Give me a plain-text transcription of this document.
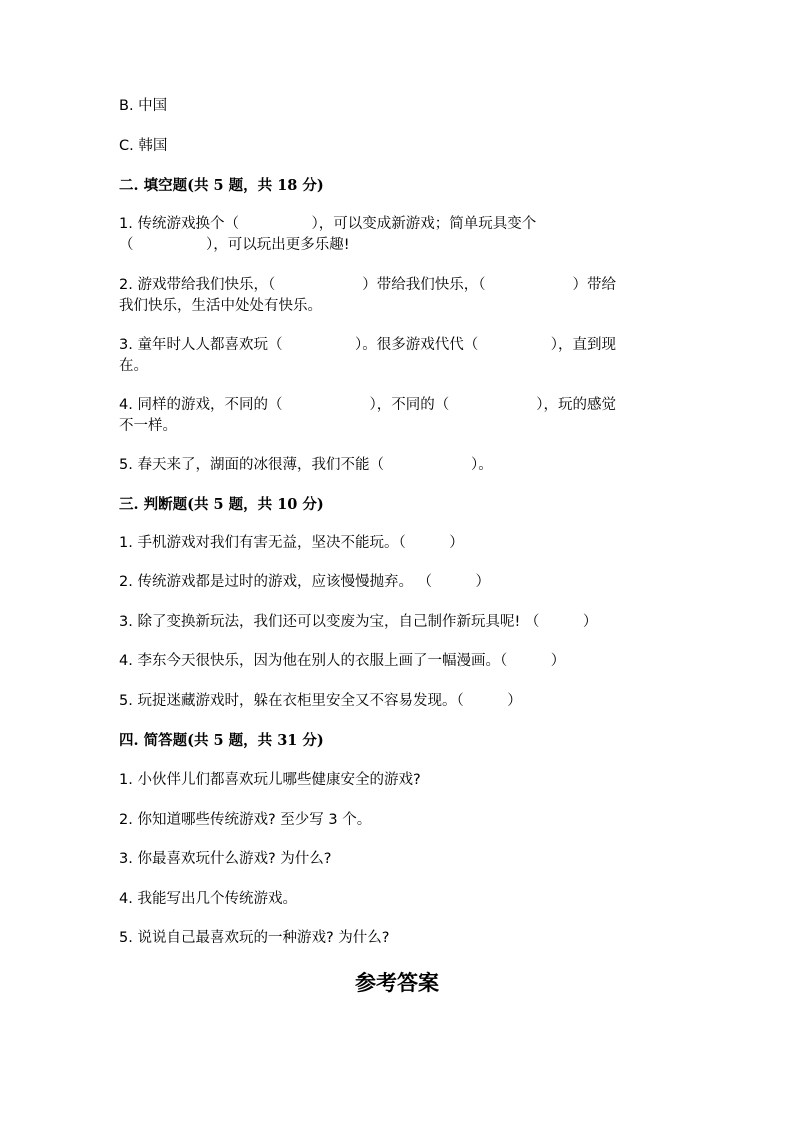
B. 中国

C. 韩国

二. 填空题(共 5 题，共 18 分)

1. 传统游戏换个（　　　　　），可以变成新游戏；简单玩具变个

（　　　　　），可以玩出更多乐趣!

2. 游戏带给我们快乐，（　　　　　　）带给我们快乐，（　　　　　　）带给

我们快乐，生活中处处有快乐。

3. 童年时人人都喜欢玩（　　　　　）。很多游戏代代（　　　　　），直到现

在。

4. 同样的游戏，不同的（　　　　　　），不同的（　　　　　　），玩的感觉

不一样。

5. 春天来了，湖面的冰很薄，我们不能（　　　　　　）。

三. 判断题(共 5 题，共 10 分)

1. 手机游戏对我们有害无益，坚决不能玩。（　　　）

2. 传统游戏都是过时的游戏，应该慢慢抛弃。 （　　　）

3. 除了变换新玩法，我们还可以变废为宝，自己制作新玩具呢! （　　　）

4. 李东今天很快乐，因为他在别人的衣服上画了一幅漫画。（　　　）

5. 玩捉迷藏游戏时，躲在衣柜里安全又不容易发现。（　　　）

四. 简答题(共 5 题，共 31 分)

1. 小伙伴儿们都喜欢玩儿哪些健康安全的游戏?

2. 你知道哪些传统游戏? 至少写 3 个。

3. 你最喜欢玩什么游戏? 为什么?

4. 我能写出几个传统游戏。

5. 说说自己最喜欢玩的一种游戏? 为什么?

参考答案
